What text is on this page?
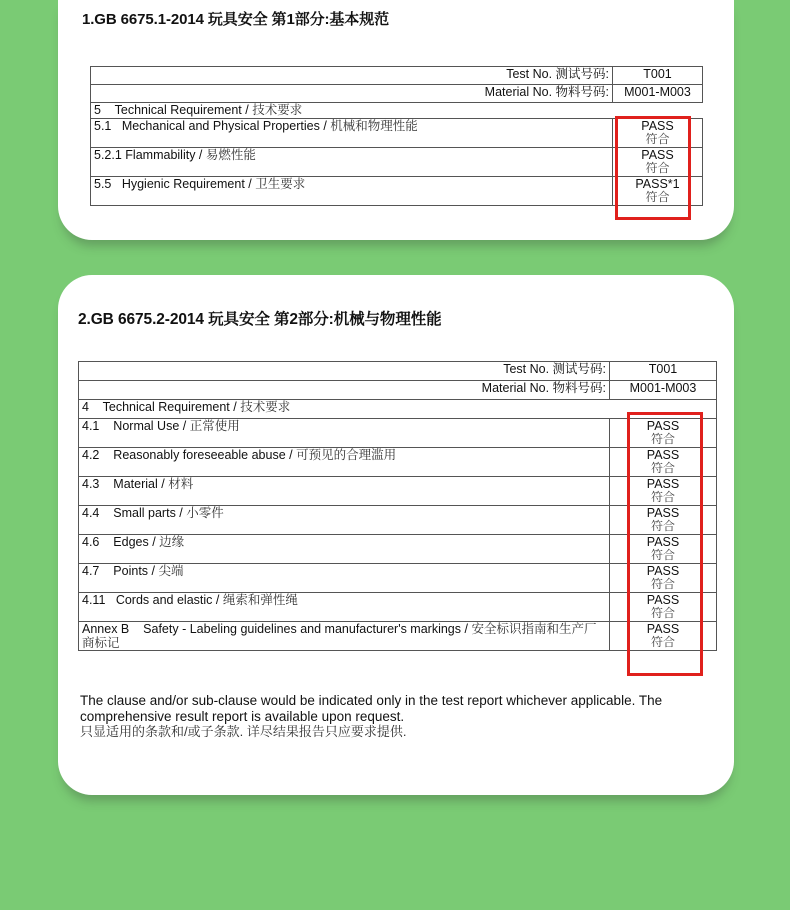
1.GB 6675.1-2014 玩具安全 第1部分:基本规范
Test No. 测试号码:	T001
Material No. 物料号码:	M001-M003
5 Technical Requirement / 技术要求	
5.1 Mechanical and Physical Properties / 机械和物理性能	PASS
符合

5.2.1 Flammability / 易燃性能	PASS
符合

5.5 Hygienic Requirement / 卫生要求	PASS*1
符合
2.GB 6675.2-2014 玩具安全 第2部分:机械与物理性能
Test No. 测试号码:	T001
Material No. 物料号码:	M001-M003
4 Technical Requirement / 技术要求	
4.1 Normal Use / 正常使用	PASS
符合

4.2 Reasonably foreseeable abuse / 可预见的合理滥用	PASS
符合

4.3 Material / 材料	PASS
符合

4.4 Small parts / 小零件	PASS
符合

4.6 Edges / 边缘	PASS
符合

4.7 Points / 尖端	PASS
符合

4.11 Cords and elastic / 绳索和弹性绳	PASS
符合

Annex B Safety - Labeling guidelines and manufacturer's markings / 安全标识指南和生产厂商标记	PASS
符合
The clause and/or sub-clause would be indicated only in the test report whichever applicable. The comprehensive result report is available upon request.
只显适用的条款和/或子条款. 详尽结果报告只应要求提供.
